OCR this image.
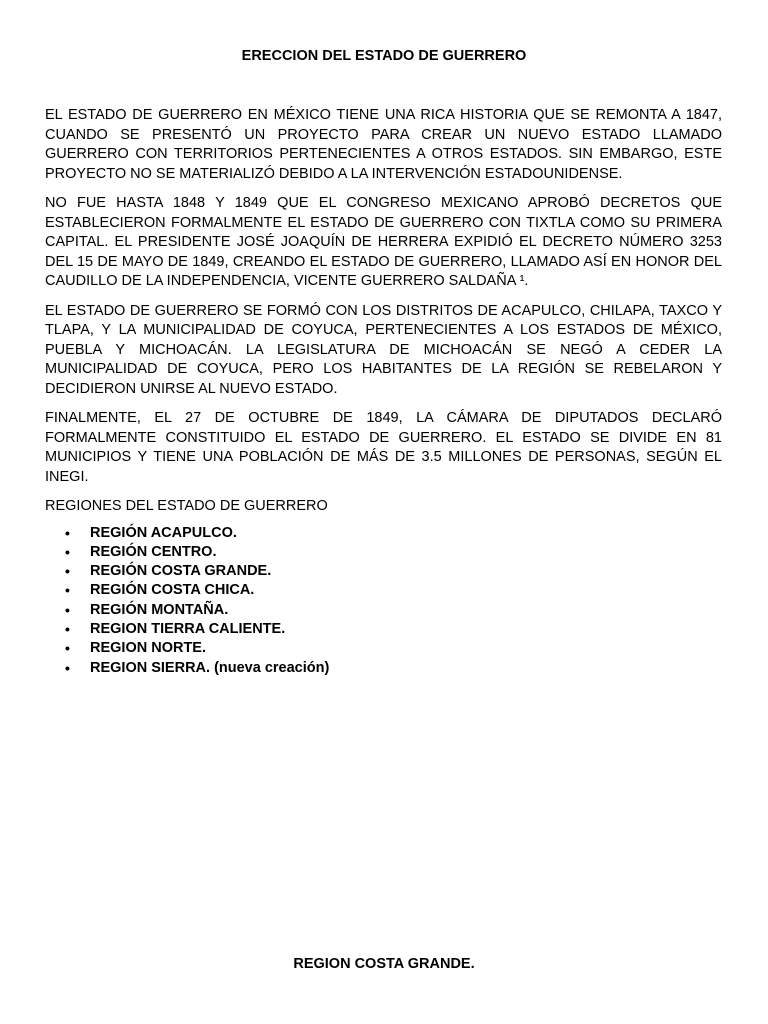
ERECCION DEL ESTADO DE GUERRERO

EL ESTADO DE GUERRERO EN MÉXICO TIENE UNA RICA HISTORIA QUE SE REMONTA A 1847, CUANDO SE PRESENTÓ UN PROYECTO PARA CREAR UN NUEVO ESTADO LLAMADO GUERRERO CON TERRITORIOS PERTENECIENTES A OTROS ESTADOS. SIN EMBARGO, ESTE PROYECTO NO SE MATERIALIZÓ DEBIDO A LA INTERVENCIÓN ESTADOUNIDENSE.

NO FUE HASTA 1848 Y 1849 QUE EL CONGRESO MEXICANO APROBÓ DECRETOS QUE ESTABLECIERON FORMALMENTE EL ESTADO DE GUERRERO CON TIXTLA COMO SU PRIMERA CAPITAL. EL PRESIDENTE JOSÉ JOAQUÍN DE HERRERA EXPIDIÓ EL DECRETO NÚMERO 3253 DEL 15 DE MAYO DE 1849, CREANDO EL ESTADO DE GUERRERO, LLAMADO ASÍ EN HONOR DEL CAUDILLO DE LA INDEPENDENCIA, VICENTE GUERRERO SALDAÑA ¹.

EL ESTADO DE GUERRERO SE FORMÓ CON LOS DISTRITOS DE ACAPULCO, CHILAPA, TAXCO Y TLAPA, Y LA MUNICIPALIDAD DE COYUCA, PERTENECIENTES A LOS ESTADOS DE MÉXICO, PUEBLA Y MICHOACÁN. LA LEGISLATURA DE MICHOACÁN SE NEGÓ A CEDER LA MUNICIPALIDAD DE COYUCA, PERO LOS HABITANTES DE LA REGIÓN SE REBELARON Y DECIDIERON UNIRSE AL NUEVO ESTADO.

FINALMENTE, EL 27 DE OCTUBRE DE 1849, LA CÁMARA DE DIPUTADOS DECLARÓ FORMALMENTE CONSTITUIDO EL ESTADO DE GUERRERO. EL ESTADO SE DIVIDE EN 81 MUNICIPIOS Y TIENE UNA POBLACIÓN DE MÁS DE 3.5 MILLONES DE PERSONAS, SEGÚN EL INEGI.

REGIONES DEL ESTADO DE GUERRERO

• REGIÓN ACAPULCO.
• REGIÓN CENTRO.
• REGIÓN COSTA GRANDE.
• REGIÓN COSTA CHICA.
• REGIÓN MONTAÑA.
• REGION TIERRA CALIENTE.
• REGION NORTE.
• REGION SIERRA. (nueva creación)
REGION COSTA GRANDE.
